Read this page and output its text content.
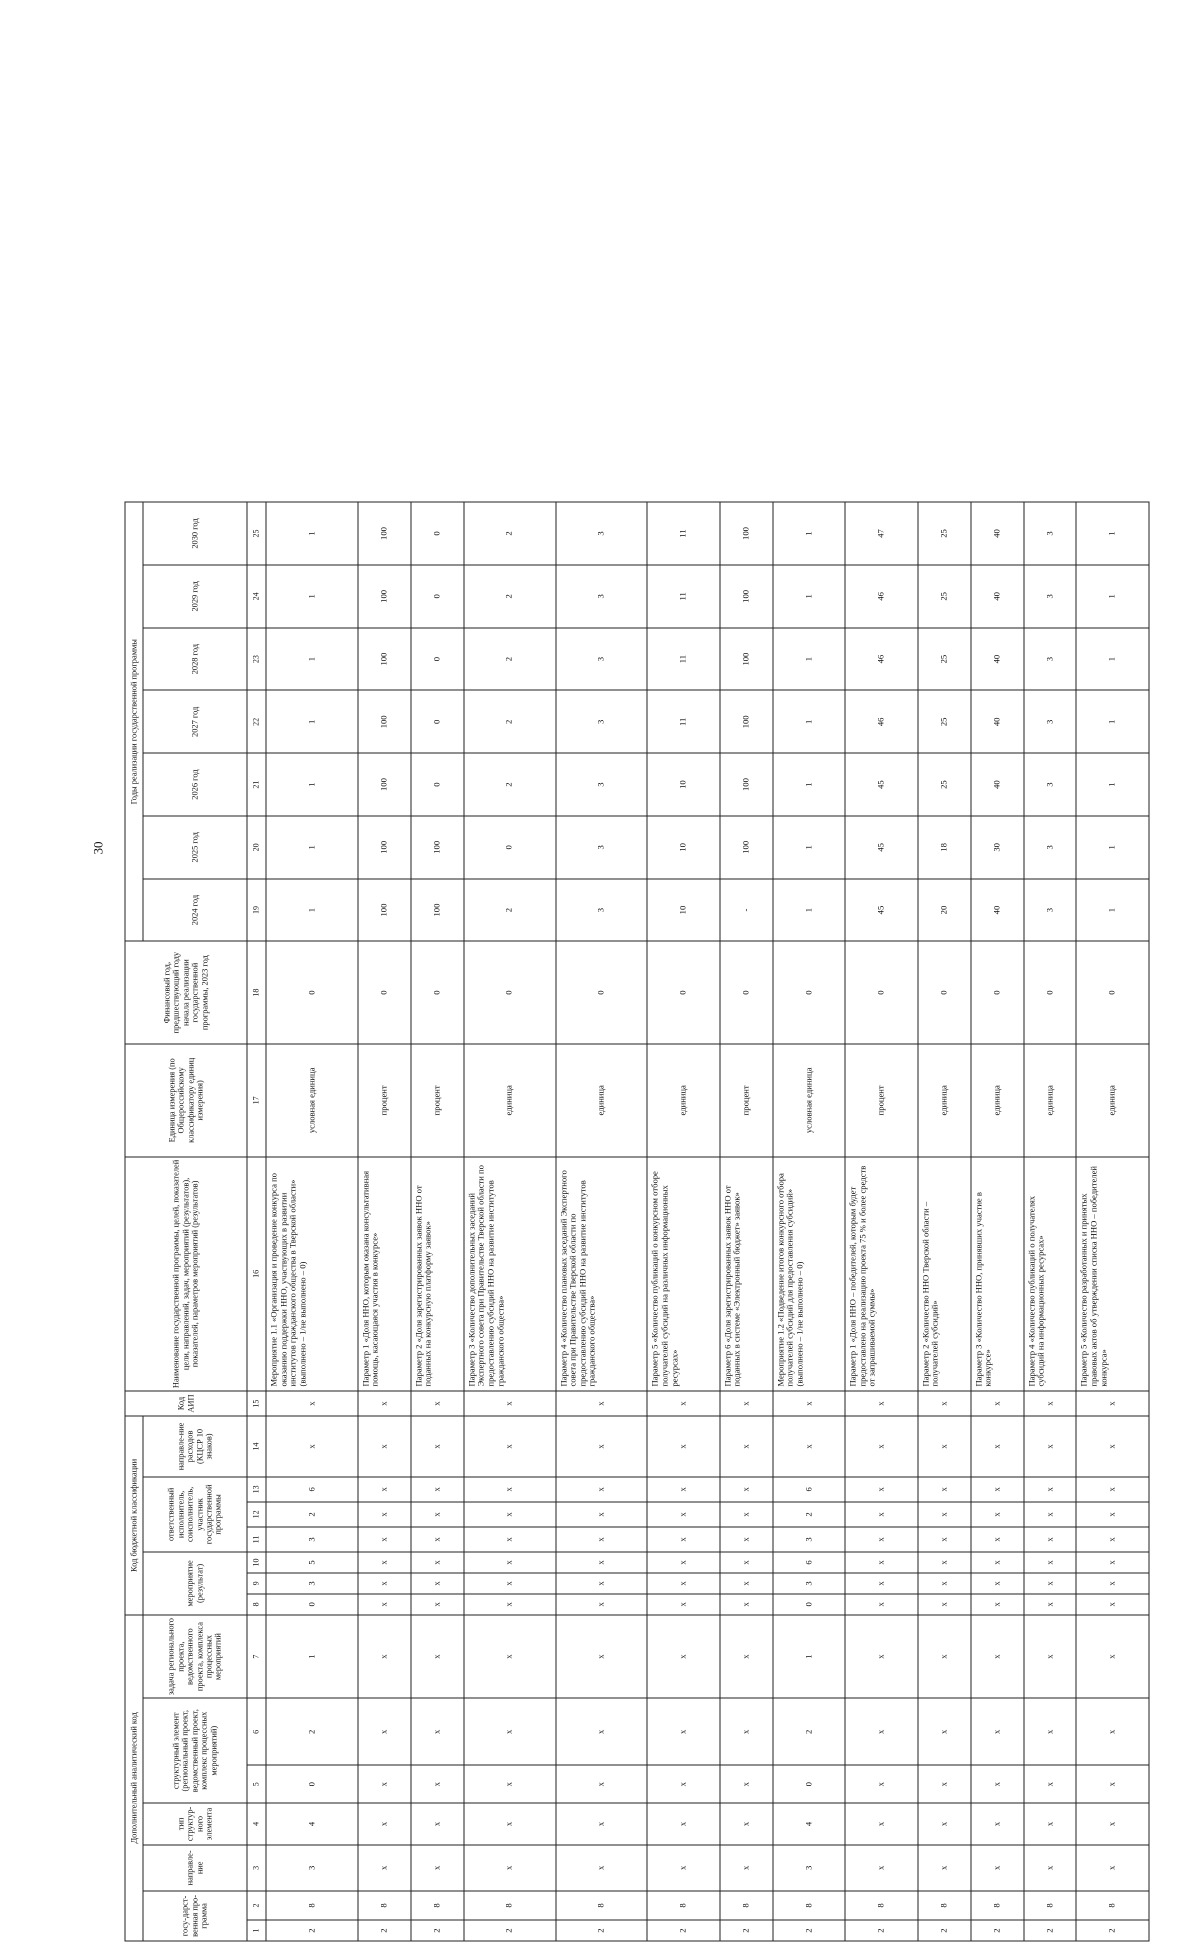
30
Дополнительный аналитический код							Код бюджетной классификации							Код АИП	Наименование государственной программы, целей, показателей цели, направлений, задач, мероприятий (результатов), показателей, параметров мероприятий (результатов)	Единица измерения (по Общероссийскому классификатору единиц измерения)	Финансовый год, предшествующий году начала реализации государственной программы, 2023 год	Годы реализации государственной программы						
госу-дарст-венная про-грамма		направле-ние	тип структур-ного элемента	структурный элемент (региональный проект, ведомственный проект, комплекс процессных мероприятий)		задача регионального проекта, ведомственного проекта, комплекса процессных мероприятий	мероприятие (результат)			ответственный исполнитель, соисполнитель, участник государственной программы			направле-ние расходов (КЦСР 10 знаков)					2024 год	2025 год	2026 год	2027 год	2028 год	2029 год	2030 год
1	2	3	4	5	6	7	8	9	10	11	12	13	14	15	16	17	18	19	20	21	22	23	24	25
2	8	3	4	0	2	1	0	3	5	3	2	6	x	x	Мероприятие 1.1 «Организация и проведение конкурса по оказанию поддержки ННО, участвующих в развитии институтов гражданского общества в Тверской области» (выполнено – 1/не выполнено – 0)	условная единица	0	1	1	1	1	1	1	1
2	8	x	x	x	x	x	x	x	x	x	x	x	x	x	Параметр 1 «Доля ННО, которым оказана консультативная помощь, касающаяся участия в конкурсе»	процент	0	100	100	100	100	100	100	100
2	8	x	x	x	x	x	x	x	x	x	x	x	x	x	Параметр 2 «Доля зарегистрированных заявок ННО от поданных на конкурсную платформу заявок»	процент	0	100	100	0	0	0	0	0
2	8	x	x	x	x	x	x	x	x	x	x	x	x	x	Параметр 3 «Количество дополнительных заседаний Экспертного совета при Правительстве Тверской области по предоставлению субсидий ННО на развитие институтов гражданского общества»	единица	0	2	0	2	2	2	2	2
2	8	x	x	x	x	x	x	x	x	x	x	x	x	x	Параметр 4 «Количество плановых заседаний Экспертного совета при Правительстве Тверской области по предоставлению субсидий ННО на развитие институтов гражданского общества»	единица	0	3	3	3	3	3	3	3
2	8	x	x	x	x	x	x	x	x	x	x	x	x	x	Параметр 5 «Количество публикаций о конкурсном отборе получателей субсидий на различных информационных ресурсах»	единица	0	10	10	10	11	11	11	11
2	8	x	x	x	x	x	x	x	x	x	x	x	x	x	Параметр 6 «Доля зарегистрированных заявок ННО от поданных в системе «Электронный бюджет» заявок»	процент	0	-	100	100	100	100	100	100
2	8	3	4	0	2	1	0	3	6	3	2	6	x	x	Мероприятие 1.2 «Подведение итогов конкурсного отбора получателей субсидий для предоставления субсидий» (выполнено – 1/не выполнено – 0)	условная единица	0	1	1	1	1	1	1	1
2	8	x	x	x	x	x	x	x	x	x	x	x	x	x	Параметр 1 «Доля ННО – победителей, которым будет предоставлено на реализацию проекта 75 % и более средств от запрашиваемой суммы»	процент	0	45	45	45	46	46	46	47
2	8	x	x	x	x	x	x	x	x	x	x	x	x	x	Параметр 2 «Количество ННО Тверской области – получателей субсидий»	единица	0	20	18	25	25	25	25	25
2	8	x	x	x	x	x	x	x	x	x	x	x	x	x	Параметр 3 «Количество ННО, принявших участие в конкурсе»	единица	0	40	30	40	40	40	40	40
2	8	x	x	x	x	x	x	x	x	x	x	x	x	x	Параметр 4 «Количество публикаций о получателях субсидий на информационных ресурсах»	единица	0	3	3	3	3	3	3	3
2	8	x	x	x	x	x	x	x	x	x	x	x	x	x	Параметр 5 «Количество разработанных и принятых правовых актов об утверждении списка ННО – победителей конкурса»	единица	0	1	1	1	1	1	1	1
